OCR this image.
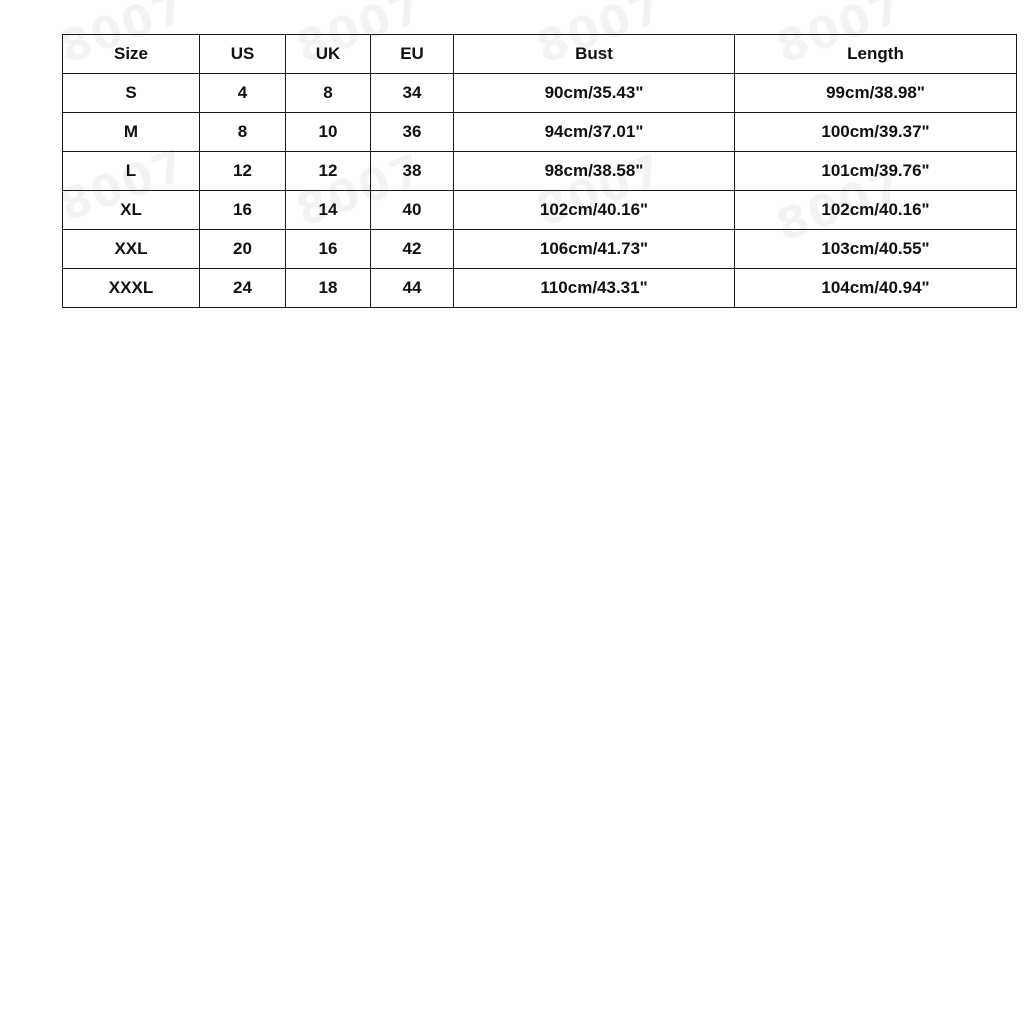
Size	US	UK	EU	Bust	Length
S	4	8	34	90cm/35.43"	99cm/38.98"
M	8	10	36	94cm/37.01"	100cm/39.37"
L	12	12	38	98cm/38.58"	101cm/39.76"
XL	16	14	40	102cm/40.16"	102cm/40.16"
XXL	20	16	42	106cm/41.73"	103cm/40.55"
XXXL	24	18	44	110cm/43.31"	104cm/40.94"
